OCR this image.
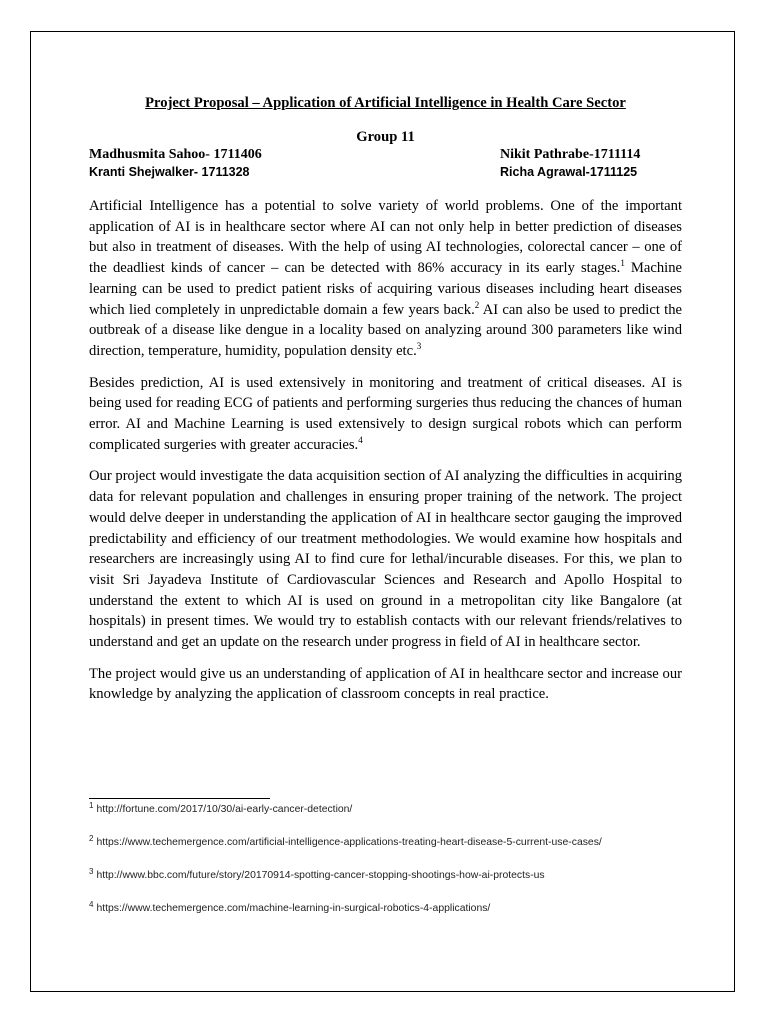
Project Proposal – Application of Artificial Intelligence in Health Care Sector

Group 11

Madhusmita Sahoo- 1711406	Nikit Pathrabe-1711114
Kranti Shejwalker- 1711328	Richa Agrawal-1711125

Artificial Intelligence has a potential to solve variety of world problems. One of the important application of AI is in healthcare sector where AI can not only help in better prediction of diseases but also in treatment of diseases. With the help of using AI technologies, colorectal cancer – one of the deadliest kinds of cancer – can be detected with 86% accuracy in its early stages.$^1$ Machine learning can be used to predict patient risks of acquiring various diseases including heart diseases which lied completely in unpredictable domain a few years back.$^2$ AI can also be used to predict the outbreak of a disease like dengue in a locality based on analyzing around 300 parameters like wind direction, temperature, humidity, population density etc.$^3$

Besides prediction, AI is used extensively in monitoring and treatment of critical diseases. AI is being used for reading ECG of patients and performing surgeries thus reducing the chances of human error. AI and Machine Learning is used extensively to design surgical robots which can perform complicated surgeries with greater accuracies.$^4$

Our project would investigate the data acquisition section of AI analyzing the difficulties in acquiring data for relevant population and challenges in ensuring proper training of the network. The project would delve deeper in understanding the application of AI in healthcare sector gauging the improved predictability and efficiency of our treatment methodologies. We would examine how hospitals and researchers are increasingly using AI to find cure for lethal/incurable diseases. For this, we plan to visit Sri Jayadeva Institute of Cardiovascular Sciences and Research and Apollo Hospital to understand the extent to which AI is used on ground in a metropolitan city like Bangalore (at hospitals) in present times. We would try to establish contacts with our relevant friends/relatives to understand and get an update on the research under progress in field of AI in healthcare sector.

The project would give us an understanding of application of AI in healthcare sector and increase our knowledge by analyzing the application of classroom concepts in real practice.

$^1$ http://fortune.com/2017/10/30/ai-early-cancer-detection/
$^2$ https://www.techemergence.com/artificial-intelligence-applications-treating-heart-disease-5-current-use-cases/
$^3$ http://www.bbc.com/future/story/20170914-spotting-cancer-stopping-shootings-how-ai-protects-us
$^4$ https://www.techemergence.com/machine-learning-in-surgical-robotics-4-applications/
